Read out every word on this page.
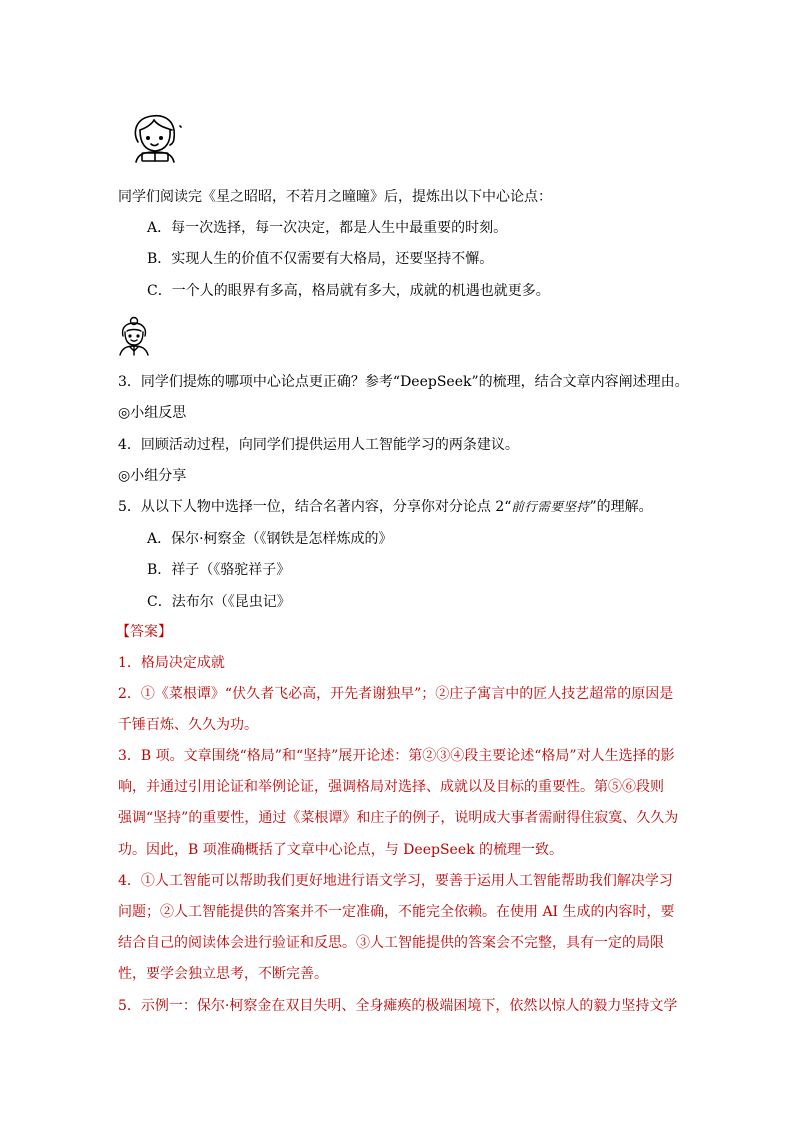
同学们阅读完《星之昭昭，不若月之曈曈》后，提炼出以下中心论点：
A．每一次选择，每一次决定，都是人生中最重要的时刻。
B．实现人生的价值不仅需要有大格局，还要坚持不懈。
C．一个人的眼界有多高，格局就有多大，成就的机遇也就更多。
3．同学们提炼的哪项中心论点更正确？参考“DeepSeek”的梳理，结合文章内容阐述理由。
◎小组反思
4．回顾活动过程，向同学们提供运用人工智能学习的两条建议。
◎小组分享
5．从以下人物中选择一位，结合名著内容，分享你对分论点 2“前行需要坚持”的理解。
A．保尔·柯察金（《钢铁是怎样炼成的》
B．祥子（《骆驼祥子》
C．法布尔（《昆虫记》
【答案】
1．格局决定成就
2．①《菜根谭》“伏久者飞必高，开先者谢独早”；②庄子寓言中的匠人技艺超常的原因是
千锤百炼、久久为功。
3．B 项。文章围绕“格局”和“坚持”展开论述：第②③④段主要论述“格局”对人生选择的影
响，并通过引用论证和举例论证，强调格局对选择、成就以及目标的重要性。第⑤⑥段则
强调“坚持”的重要性，通过《菜根谭》和庄子的例子，说明成大事者需耐得住寂寞、久久为
功。因此，B 项准确概括了文章中心论点，与 DeepSeek 的梳理一致。
4．①人工智能可以帮助我们更好地进行语文学习，要善于运用人工智能帮助我们解决学习
问题；②人工智能提供的答案并不一定准确，不能完全依赖。在使用 AI 生成的内容时，要
结合自己的阅读体会进行验证和反思。③人工智能提供的答案会不完整，具有一定的局限
性，要学会独立思考，不断完善。
5．示例一：保尔·柯察金在双目失明、全身瘫痪的极端困境下，依然以惊人的毅力坚持文学
